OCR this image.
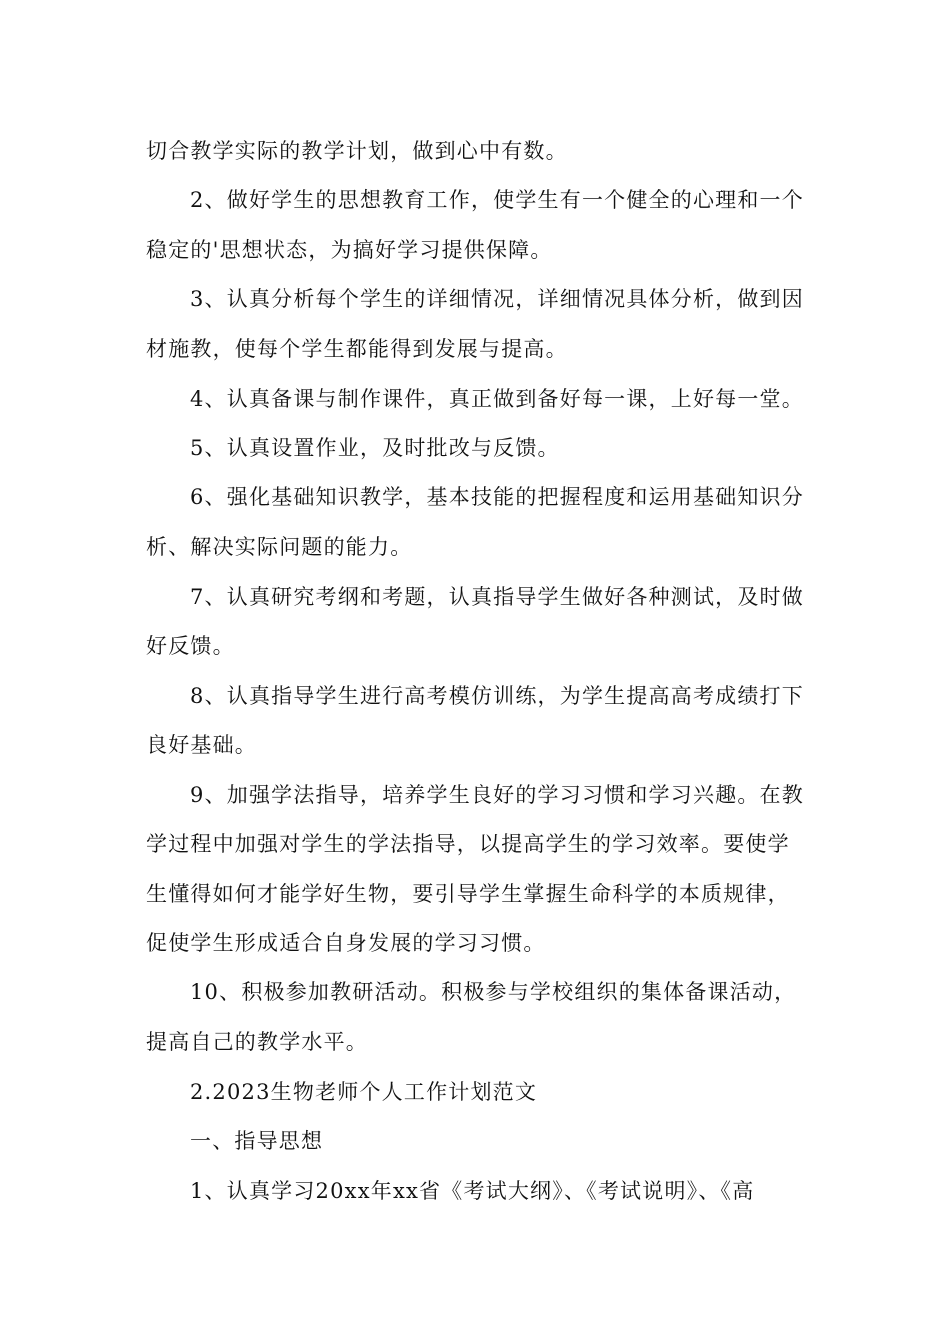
切合教学实际的教学计划，做到心中有数。

2、做好学生的思想教育工作，使学生有一个健全的心理和一个

稳定的'思想状态，为搞好学习提供保障。

3、认真分析每个学生的详细情况，详细情况具体分析，做到因

材施教，使每个学生都能得到发展与提高。

4、认真备课与制作课件，真正做到备好每一课，上好每一堂。

5、认真设置作业，及时批改与反馈。

6、强化基础知识教学，基本技能的把握程度和运用基础知识分

析、解决实际问题的能力。

7、认真研究考纲和考题，认真指导学生做好各种测试，及时做

好反馈。

8、认真指导学生进行高考模仿训练，为学生提高高考成绩打下

良好基础。

9、加强学法指导，培养学生良好的学习习惯和学习兴趣。在教

学过程中加强对学生的学法指导，以提高学生的学习效率。要使学

生懂得如何才能学好生物，要引导学生掌握生命科学的本质规律，

促使学生形成适合自身发展的学习习惯。

10、积极参加教研活动。积极参与学校组织的集体备课活动，

提高自己的教学水平。

2.2023生物老师个人工作计划范文

一、指导思想

1、认真学习20xx年xx省《考试大纲》、《考试说明》、《高
